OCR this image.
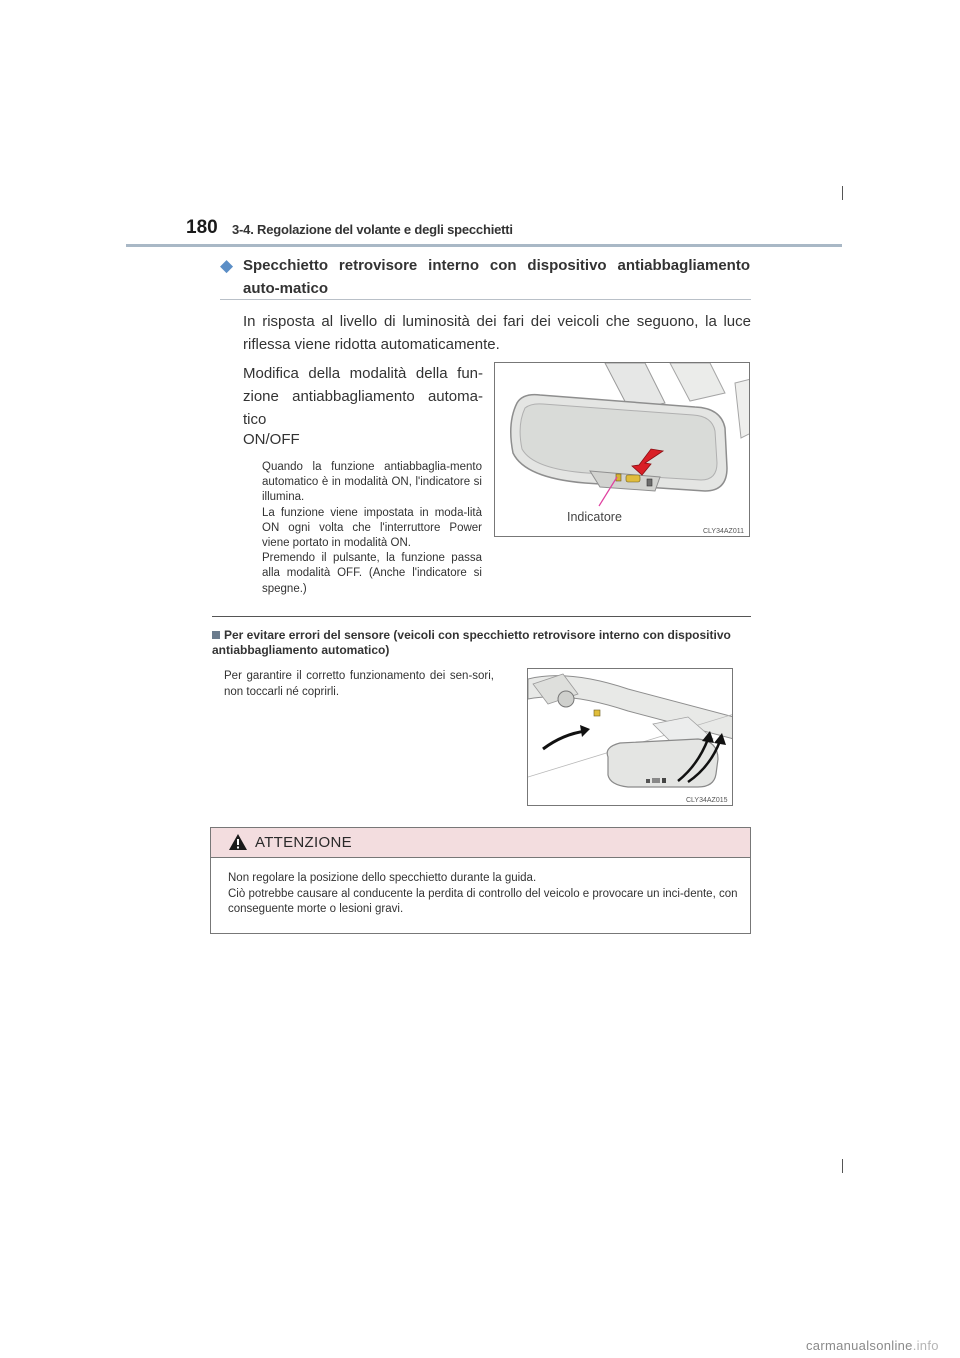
180 3-4. Regolazione del volante e degli specchietti
◆ Specchietto retrovisore interno con dispositivo antiabbagliamento auto-matico
In risposta al livello di luminosità dei fari dei veicoli che seguono, la luce riflessa viene ridotta automaticamente.
Modifica della modalità della fun-zione antiabbagliamento automa-tico
ON/OFF
Quando la funzione antiabbaglia-mento automatico è in modalità ON, l'indicatore si illumina.
La funzione viene impostata in moda-lità ON ogni volta che l'interruttore Power viene portato in modalità ON.
Premendo il pulsante, la funzione passa alla modalità OFF. (Anche l'indicatore si spegne.)
Indicatore
CLY34AZ011
Per evitare errori del sensore (veicoli con specchietto retrovisore interno con dispositivo antiabbagliamento automatico)
Per garantire il corretto funzionamento dei sen-sori, non toccarli né coprirli.
CLY34AZ015
ATTENZIONE
Non regolare la posizione dello specchietto durante la guida.
Ciò potrebbe causare al conducente la perdita di controllo del veicolo e provocare un inci-dente, con conseguente morte o lesioni gravi.
carmanualsonline.info
